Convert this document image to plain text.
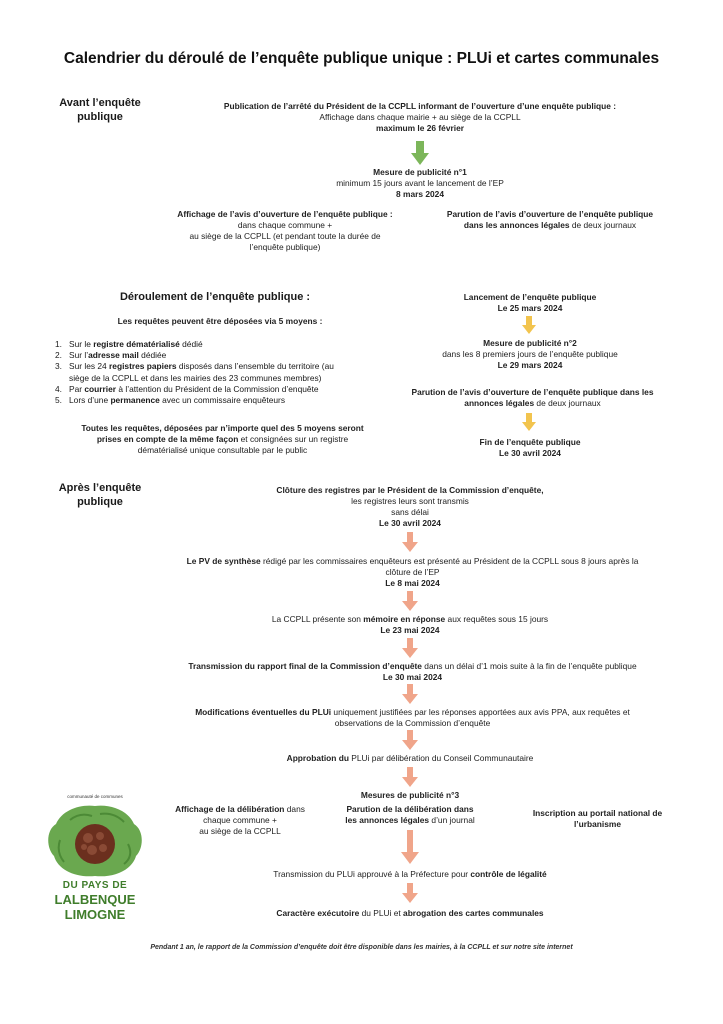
Calendrier du déroulé de l’enquête publique unique : PLUi et cartes communales
Avant l’enquête publique
Publication de l’arrêté du Président de la CCPLL informant de l’ouverture d’une enquête publique :
Affichage dans chaque mairie + au siège de la CCPLL
maximum le 26 février
Mesure de publicité n°1
minimum 15 jours avant le lancement de l’EP
8 mars 2024
Affichage de l’avis d’ouverture de l’enquête publique :
dans chaque commune +
au siège de la CCPLL (et pendant toute la durée de
l’enquête publique)
Parution de l’avis d’ouverture de l’enquête publique
dans les annonces légales de deux journaux
Déroulement de l’enquête publique :
Les requêtes peuvent être déposées via 5 moyens :
1. Sur le registre dématérialisé dédié
2. Sur l’adresse mail dédiée
3. Sur les 24 registres papiers disposés dans l’ensemble du territoire (au
siège de la CCPLL et dans les mairies des 23 communes membres)
4. Par courrier à l’attention du Président de la Commission d’enquête
5. Lors d’une permanence avec un commissaire enquêteurs
Toutes les requêtes, déposées par n’importe quel des 5 moyens seront
prises en compte de la même façon et consignées sur un registre
dématérialisé unique consultable par le public
Lancement de l’enquête publique
Le 25 mars 2024
Mesure de publicité n°2
dans les 8 premiers jours de l’enquête publique
Le 29 mars 2024
Parution de l’avis d’ouverture de l’enquête publique dans les
annonces légales de deux journaux
Fin de l’enquête publique
Le 30 avril 2024
Après l’enquête publique
Clôture des registres par le Président de la Commission d’enquête,
les registres leurs sont transmis
sans délai
Le 30 avril 2024
Le PV de synthèse rédigé par les commissaires enquêteurs est présenté au Président de la CCPLL sous 8 jours après la
clôture de l’EP
Le 8 mai 2024
La CCPLL présente son mémoire en réponse aux requêtes sous 15 jours
Le 23 mai 2024
Transmission du rapport final de la Commission d’enquête dans un délai d’1 mois suite à la fin de l’enquête publique
Le 30 mai 2024
Modifications éventuelles du PLUi uniquement justifiées par les réponses apportées aux avis PPA, aux requêtes et
observations de la Commission d’enquête
Approbation du PLUi par délibération du Conseil Communautaire
Mesures de publicité n°3
Affichage de la délibération dans
chaque commune +
au siège de la CCPLL
Parution de la délibération dans
les annonces légales d’un journal
Inscription au portail national de
l’urbanisme
Transmission du PLUi approuvé à la Préfecture pour contrôle de légalité
Caractère exécutoire du PLUi et abrogation des cartes communales
Pendant 1 an, le rapport de la Commission d’enquête doit être disponible dans les mairies, à la CCPLL et sur notre site internet
communauté de communes
DU PAYS DE
LALBENQUE
LIMOGNE
